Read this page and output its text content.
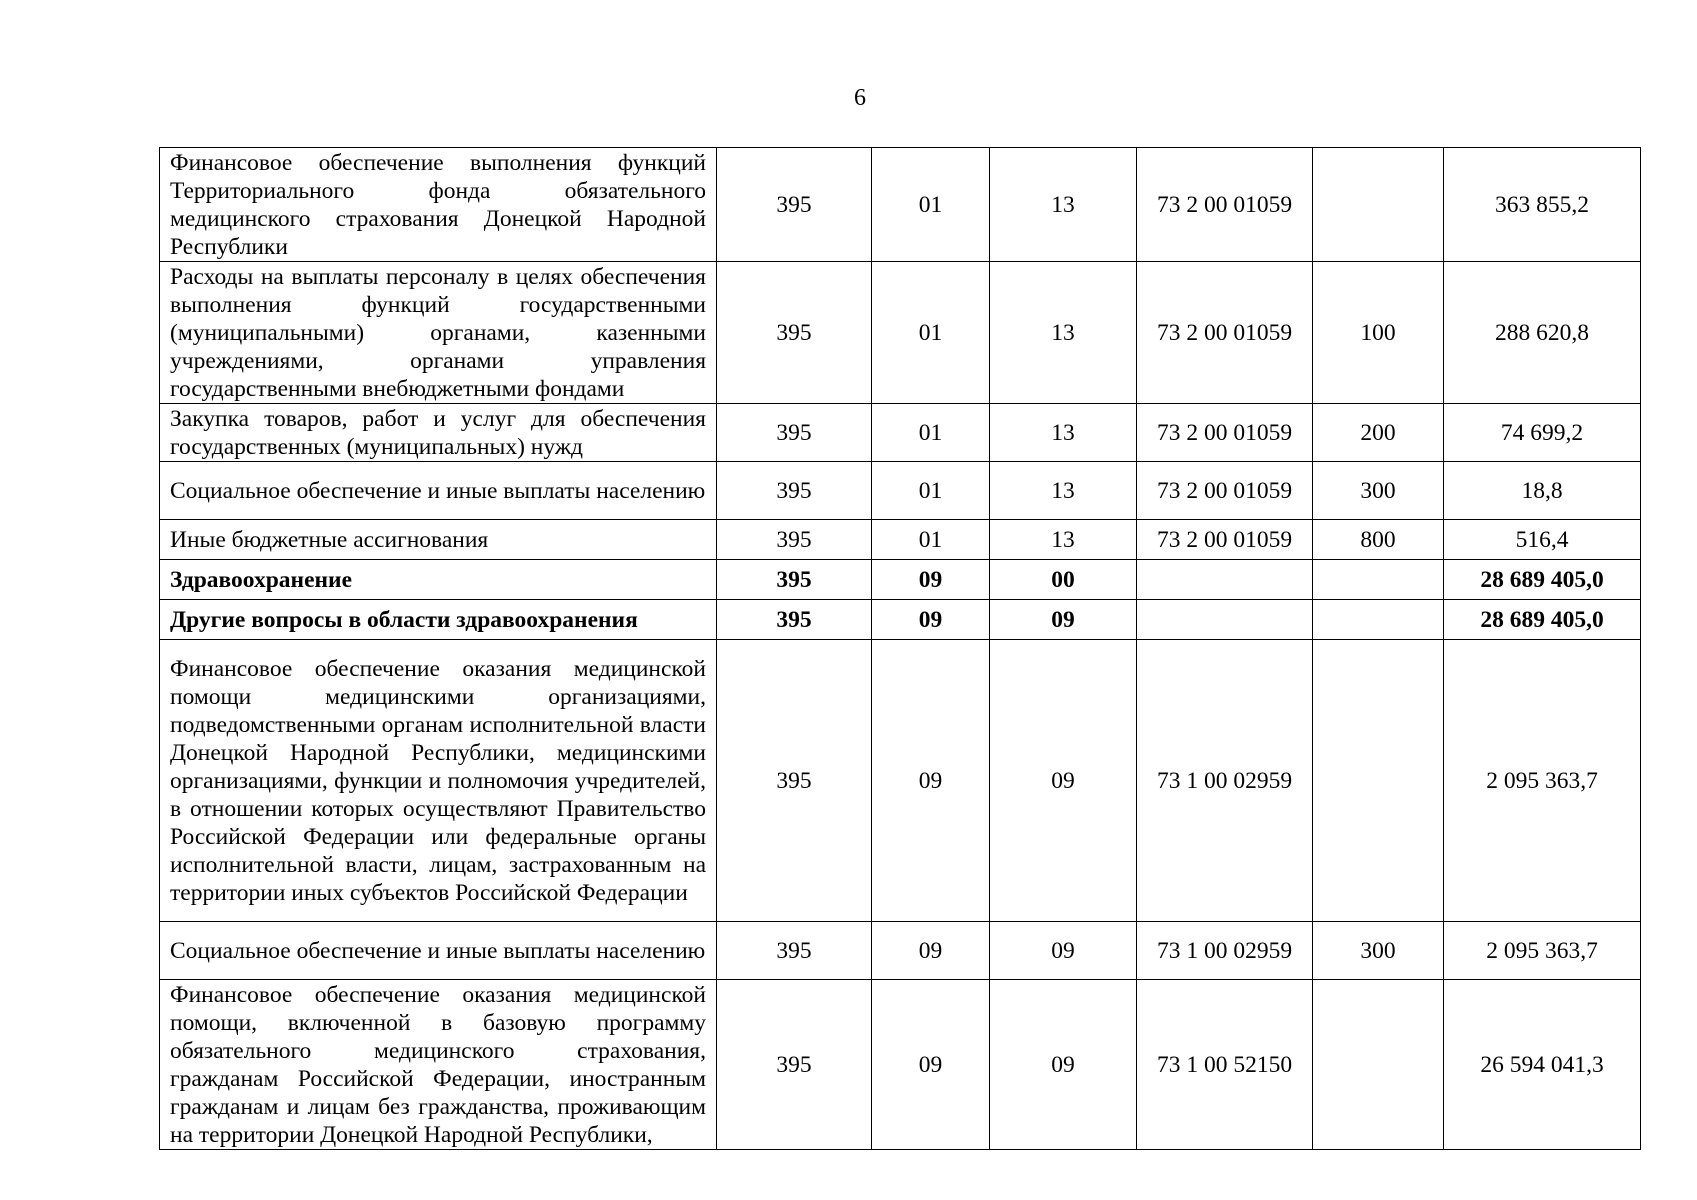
6
Финансовое обеспечение выполнения функций Территориального фонда обязательного медицинского страхования Донецкой Народной Республики	395	01	13	73 2 00 01059		363 855,2
Расходы на выплаты персоналу в целях обеспечения выполнения функций государственными (муниципальными) органами, казенными учреждениями, органами управления государственными внебюджетными фондами	395	01	13	73 2 00 01059	100	288 620,8
Закупка товаров, работ и услуг для обеспечения государственных (муниципальных) нужд	395	01	13	73 2 00 01059	200	74 699,2
Социальное обеспечение и иные выплаты населению	395	01	13	73 2 00 01059	300	18,8
Иные бюджетные ассигнования	395	01	13	73 2 00 01059	800	516,4
Здравоохранение	395	09	00			28 689 405,0
Другие вопросы в области здравоохранения	395	09	09			28 689 405,0
Финансовое обеспечение оказания медицинской помощи медицинскими организациями, подведомственными органам исполнительной власти Донецкой Народной Республики, медицинскими организациями, функции и полномочия учредителей, в отношении которых осуществляют Правительство Российской Федерации или федеральные органы исполнительной власти, лицам, застрахованным на территории иных субъектов Российской Федерации	395	09	09	73 1 00 02959		2 095 363,7
Социальное обеспечение и иные выплаты населению	395	09	09	73 1 00 02959	300	2 095 363,7
Финансовое обеспечение оказания медицинской помощи, включенной в базовую программу обязательного медицинского страхования, гражданам Российской Федерации, иностранным гражданам и лицам без гражданства, проживающим на территории Донецкой Народной Республики,	395	09	09	73 1 00 52150		26 594 041,3
